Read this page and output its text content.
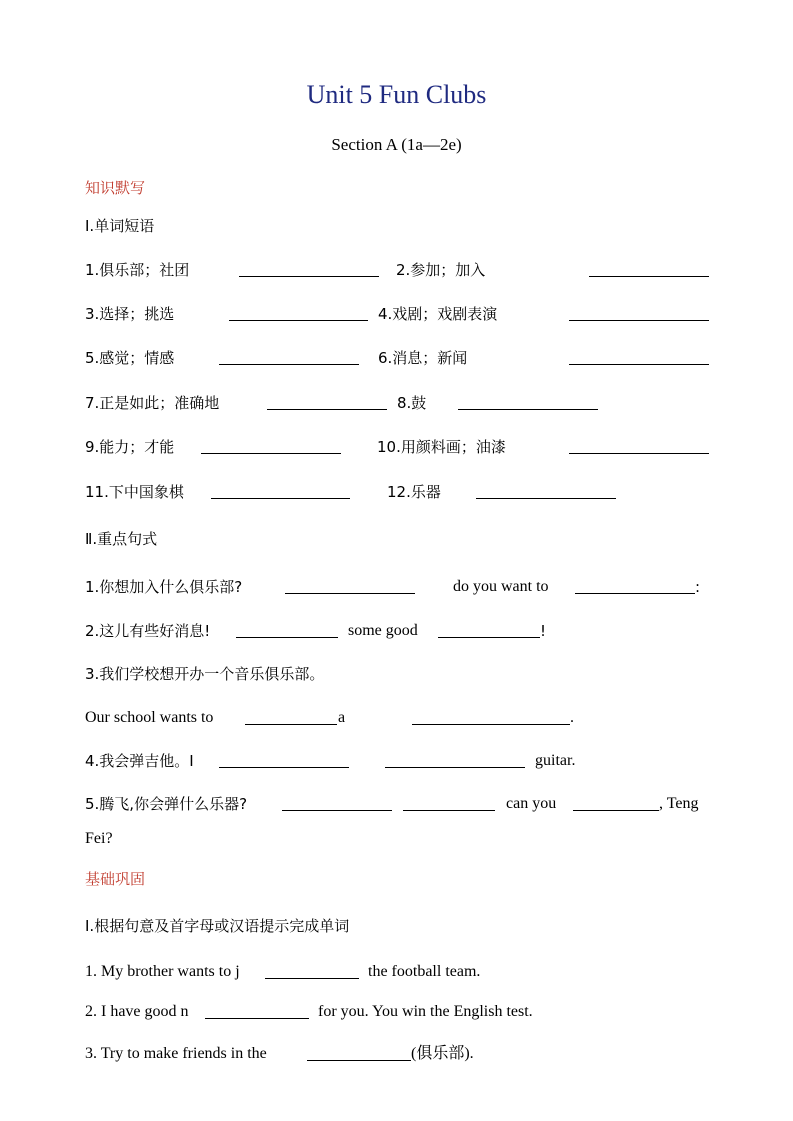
Unit 5 Fun Clubs
Section A (1a—2e)
知识默写
Ⅰ.单词短语
1.俱乐部；社团	2.参加；加入
3.选择；挑选	4.戏剧；戏剧表演
5.感觉；情感	6.消息；新闻
7.正是如此；准确地	8.鼓
9.能力；才能	10.用颜料画；油漆
11.下中国象棋	12.乐器
Ⅱ.重点句式
1.你想加入什么俱乐部?	do you want to	:
2.这儿有些好消息!	some good	!
3.我们学校想开办一个音乐俱乐部。
Our school wants to	a	.
4.我会弹吉他。I	guitar.
5.腾飞,你会弹什么乐器?	can you	, Teng
Fei?
基础巩固
Ⅰ.根据句意及首字母或汉语提示完成单词
1. My brother wants to j	the football team.
2. I have good n	for you. You win the English test.
3. Try to make friends in the	(俱乐部).
